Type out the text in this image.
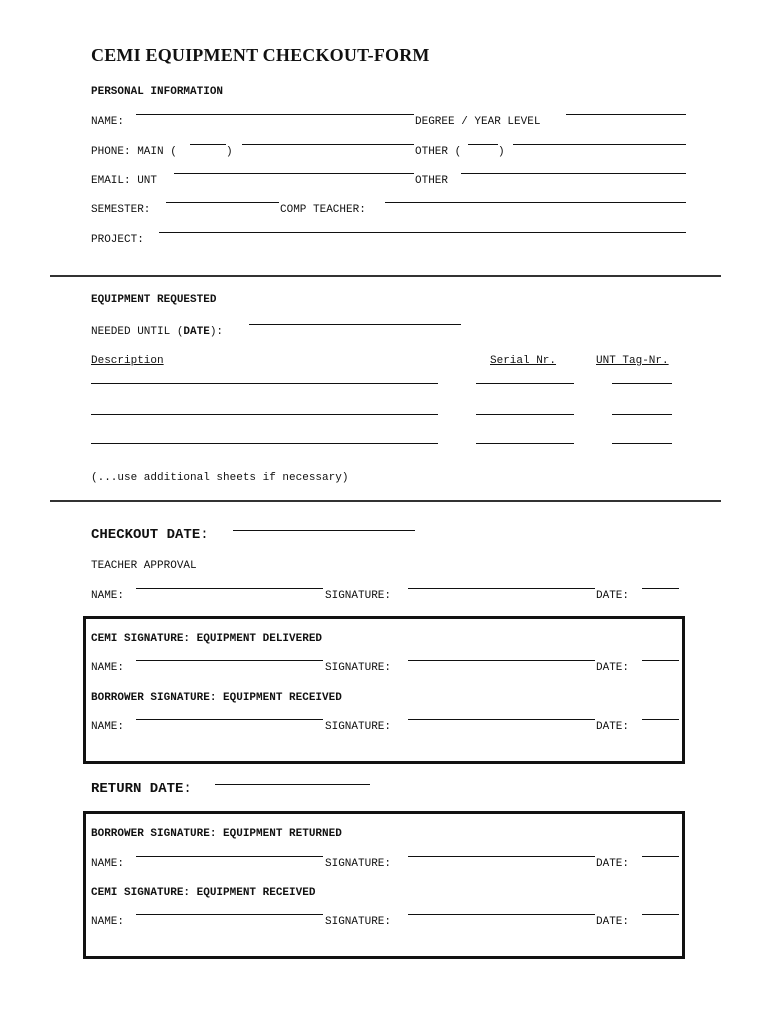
CEMI EQUIPMENT CHECKOUT-FORM
PERSONAL INFORMATION
NAME:	DEGREE / YEAR LEVEL
PHONE: MAIN (	)	OTHER (	)
EMAIL: UNT	OTHER
SEMESTER:	COMP TEACHER:
PROJECT:
EQUIPMENT REQUESTED
NEEDED UNTIL (DATE):
Description	Serial Nr.	UNT Tag-Nr.
(...use additional sheets if necessary)
CHECKOUT DATE:
TEACHER APPROVAL
NAME:	SIGNATURE:	DATE:
CEMI SIGNATURE: EQUIPMENT DELIVERED
NAME:	SIGNATURE:	DATE:
BORROWER SIGNATURE: EQUIPMENT RECEIVED
NAME:	SIGNATURE:	DATE:
RETURN DATE:
BORROWER SIGNATURE: EQUIPMENT RETURNED
NAME:	SIGNATURE:	DATE:
CEMI SIGNATURE: EQUIPMENT RECEIVED
NAME:	SIGNATURE:	DATE:
